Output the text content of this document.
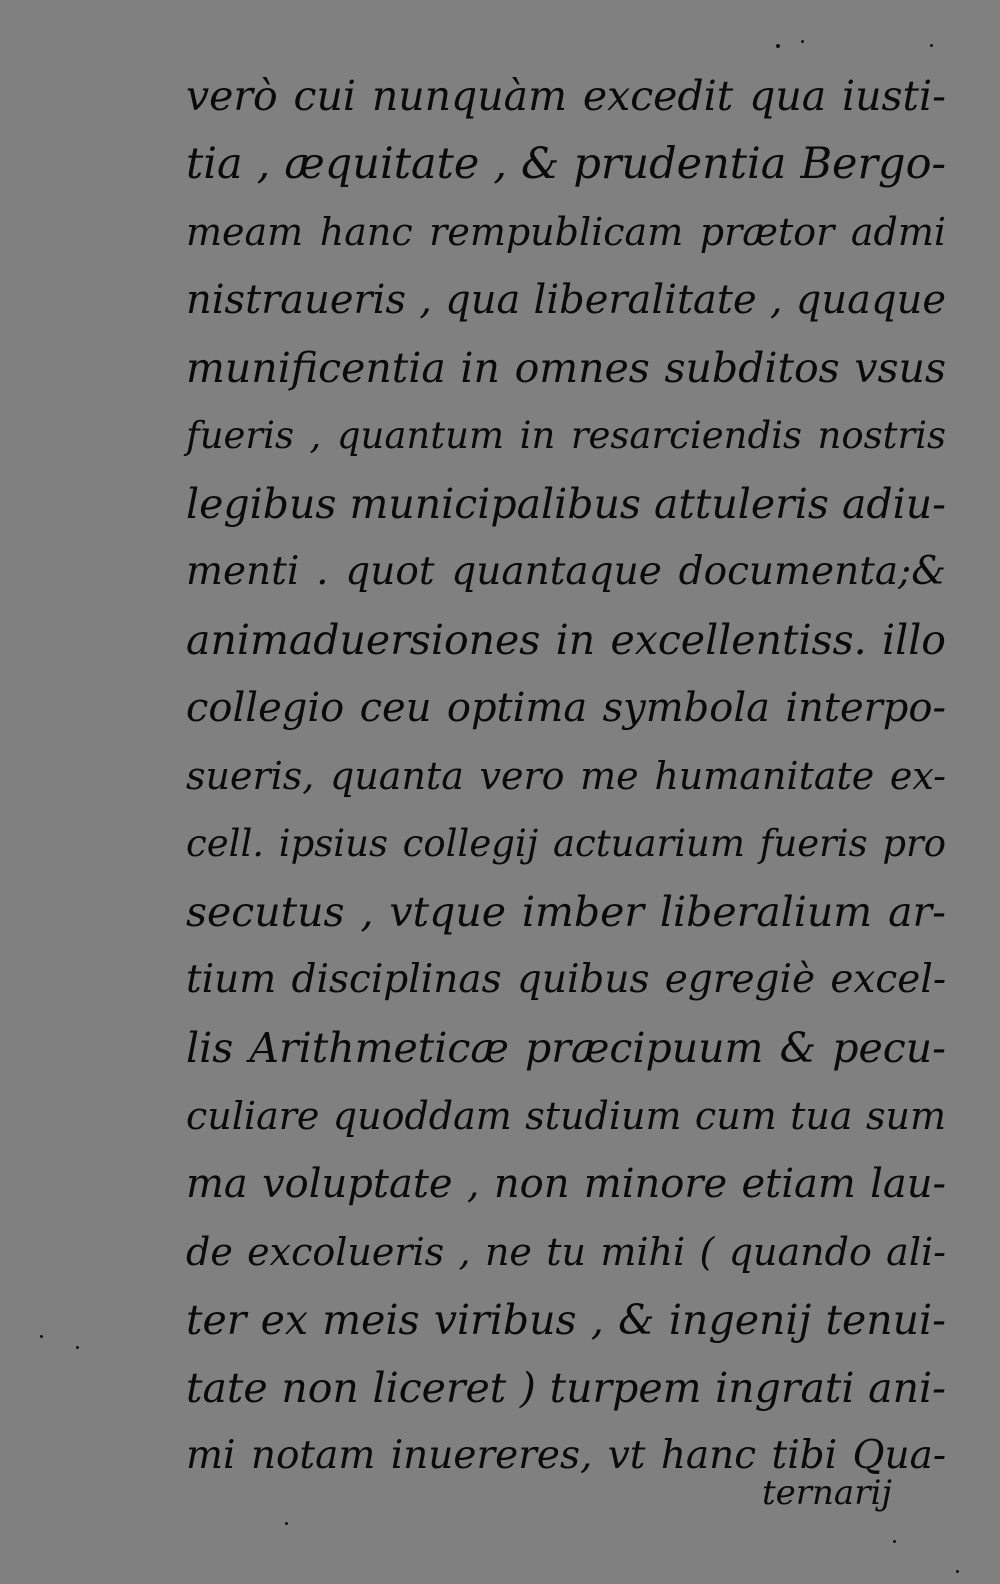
verò cui nunquàm excedit qua iusti-
tia , æquitate , & prudentia Bergo-
meam hanc rempublicam prætor admi
nistraueris , qua liberalitate , quaque
munificentia in omnes subditos vsus
fueris , quantum in resarciendis nostris
legibus municipalibus attuleris adiu-
menti . quot quantaque documenta;&
animaduersiones in excellentiss. illo
collegio ceu optima symbola interpo-
sueris, quanta vero me humanitate ex-
cell. ipsius collegij actuarium fueris pro
secutus , vtque imber liberalium ar-
tium disciplinas quibus egregiè excel-
lis Arithmeticæ præcipuum & pecu-
culiare quoddam studium cum tua sum
ma voluptate , non minore etiam lau-
de excolueris , ne tu mihi ( quando ali-
ter ex meis viribus , & ingenij tenui-
tate non liceret ) turpem ingrati ani-
mi notam inuereres, vt hanc tibi Qua-
ternarij
